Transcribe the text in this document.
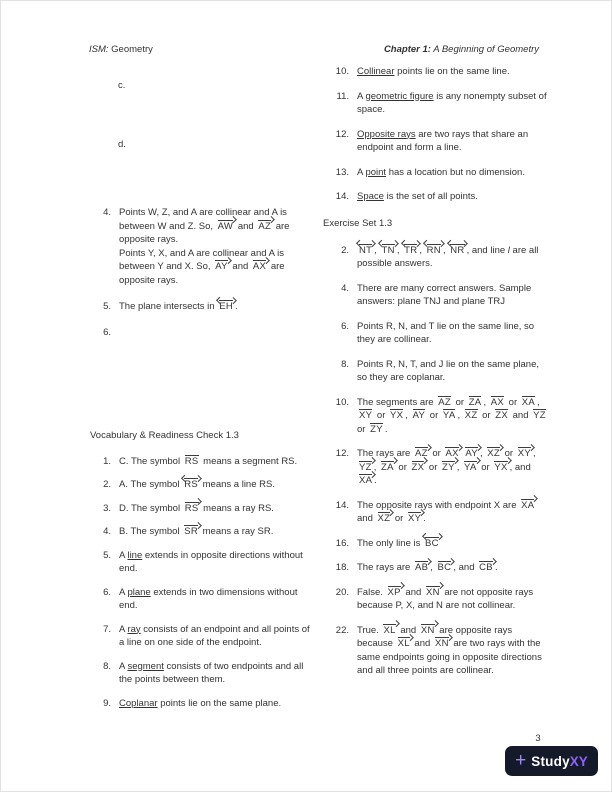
ISM: Geometry	Chapter 1: A Beginning of Geometry
c.
d.
4. Points W, Z, and A are collinear and A is between W and Z. So, AW and AZ are opposite rays.
Points Y, X, and A are collinear and A is between Y and X. So, AY and AX are opposite rays.
5. The plane intersects in EH .
6.
Vocabulary & Readiness Check 1.3
1. C. The symbol RS means a segment RS.
2. A. The symbol RS
means a line RS.
3. D. The symbol RS means a ray RS.
4. B. The symbol SR means a ray SR.
5. A line extends in opposite directions without end.
6. A plane extends in two dimensions without end.
7. A ray consists of an endpoint and all points of a line on one side of the endpoint.
8. A segment consists of two endpoints and all the points between them.
9. Coplanar points lie on the same plane.
10. Collinear points lie on the same line.
11. A geometric figure is any nonempty subset of space.
12. Opposite rays are two rays that share an endpoint and form a line.
13. A point has a location but no dimension.
14. Space is the set of all points.
Exercise Set 1.3
2.	NT , TN , TR , RN , NR , and line l are all possible answers.
4. There are many correct answers. Sample answers: plane TNJ and plane TRJ
6. Points R, N, and T lie on the same line, so they are collinear.
8. Points R, N, T, and J lie on the same plane, so they are coplanar.
10. The segments are AZ or ZA , AX or XA , XY or YX , AY or YA , XZ or ZX and YZ or ZY .
12. The rays are AZ or AX AY , XZ or XY , YZ , ZA or ZX or ZY , YA or YX , and XA .
14. The opposite rays with endpoint X are XA and XZ or XY .
16. The only line is BC
18. The rays are AB , BC , and CB .
20. False. XP and XN are not opposite rays because P, X, and N are not collinear.
22. True. XL and XN are opposite rays because XL and XN are two rays with the same endpoints going in opposite directions and all three points are collinear.
3
+ Study XY
